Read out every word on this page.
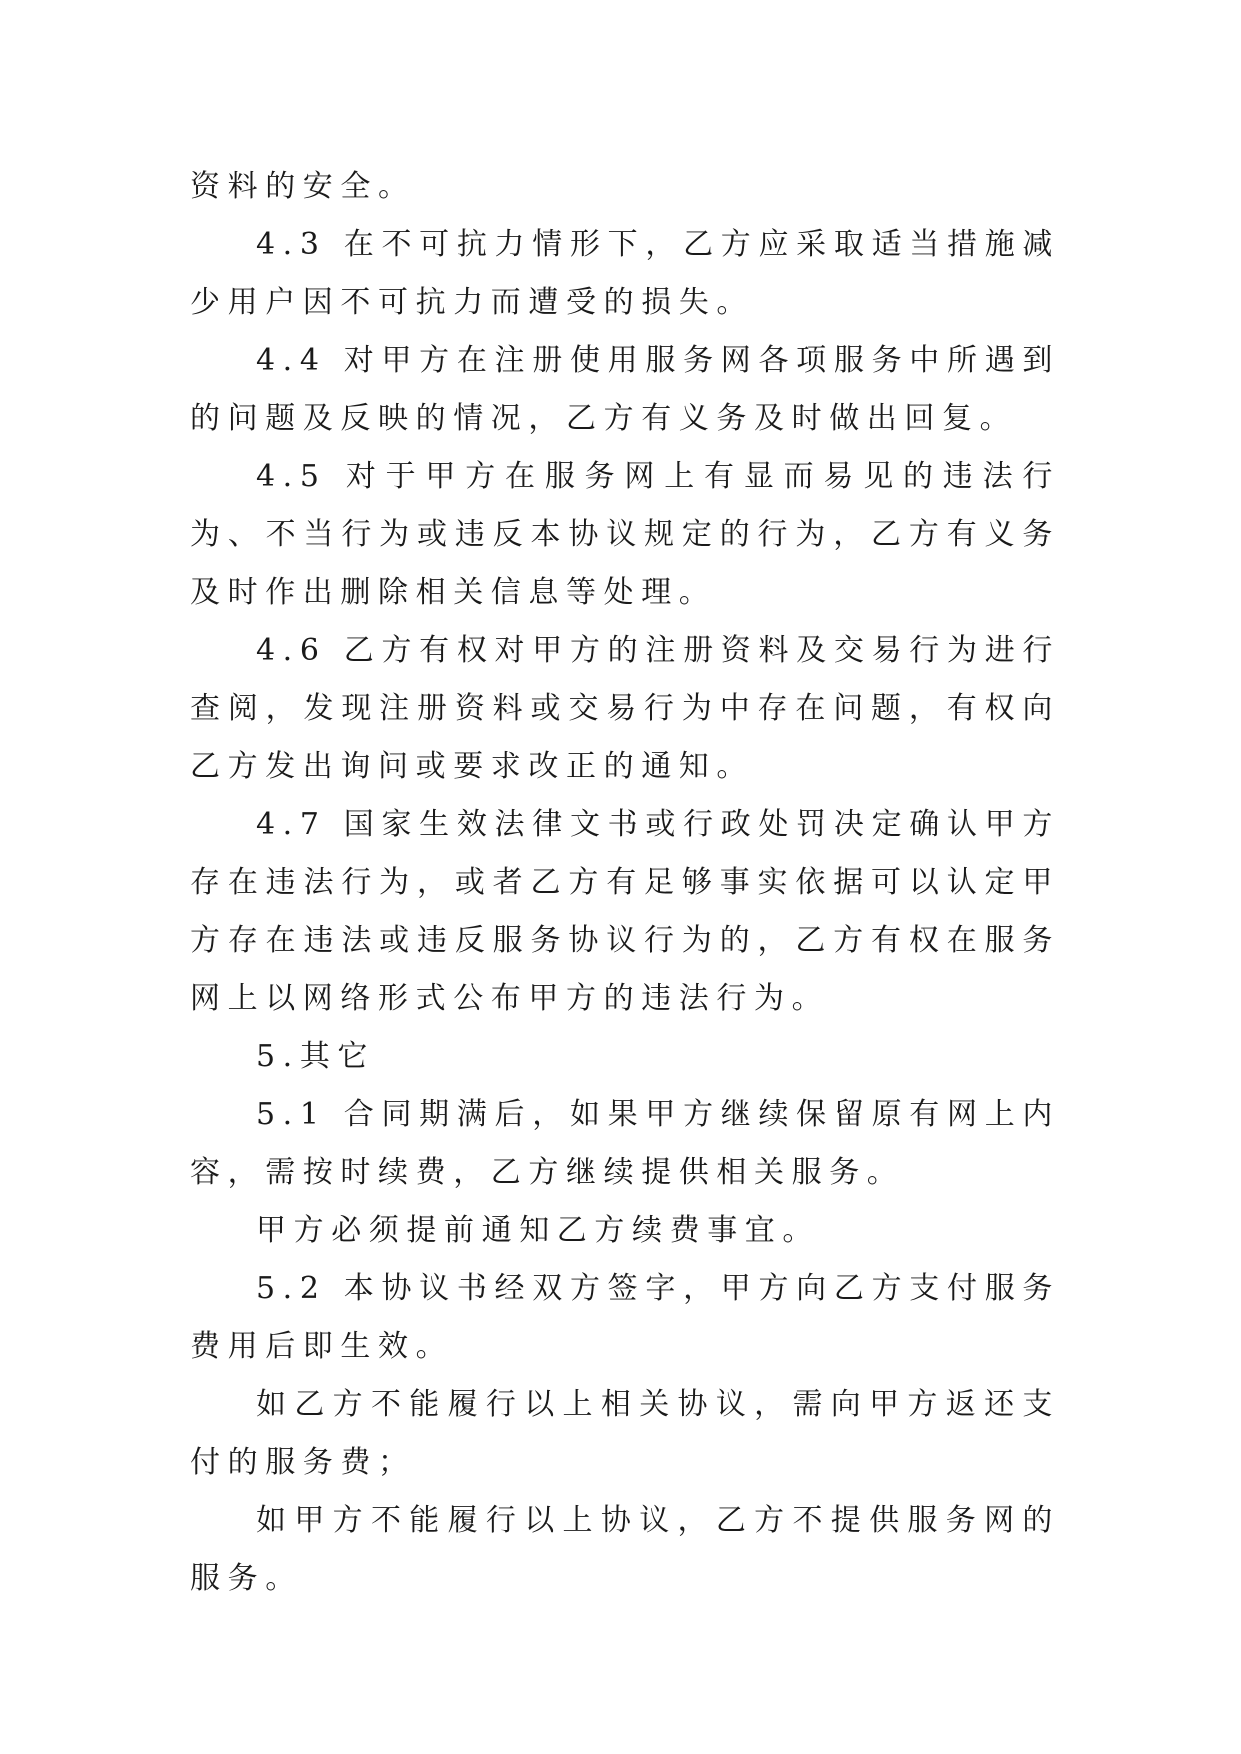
资料的安全。

4.3 在不可抗力情形下，乙方应采取适当措施减少用户因不可抗力而遭受的损失。

4.4 对甲方在注册使用服务网各项服务中所遇到的问题及反映的情况，乙方有义务及时做出回复。

4.5 对于甲方在服务网上有显而易见的违法行为、不当行为或违反本协议规定的行为，乙方有义务及时作出删除相关信息等处理。

4.6 乙方有权对甲方的注册资料及交易行为进行查阅，发现注册资料或交易行为中存在问题，有权向乙方发出询问或要求改正的通知。

4.7 国家生效法律文书或行政处罚决定确认甲方存在违法行为，或者乙方有足够事实依据可以认定甲方存在违法或违反服务协议行为的，乙方有权在服务网上以网络形式公布甲方的违法行为。

5.其它

5.1 合同期满后，如果甲方继续保留原有网上内容，需按时续费，乙方继续提供相关服务。

甲方必须提前通知乙方续费事宜。

5.2 本协议书经双方签字，甲方向乙方支付服务费用后即生效。

如乙方不能履行以上相关协议，需向甲方返还支付的服务费；

如甲方不能履行以上协议，乙方不提供服务网的服务。
